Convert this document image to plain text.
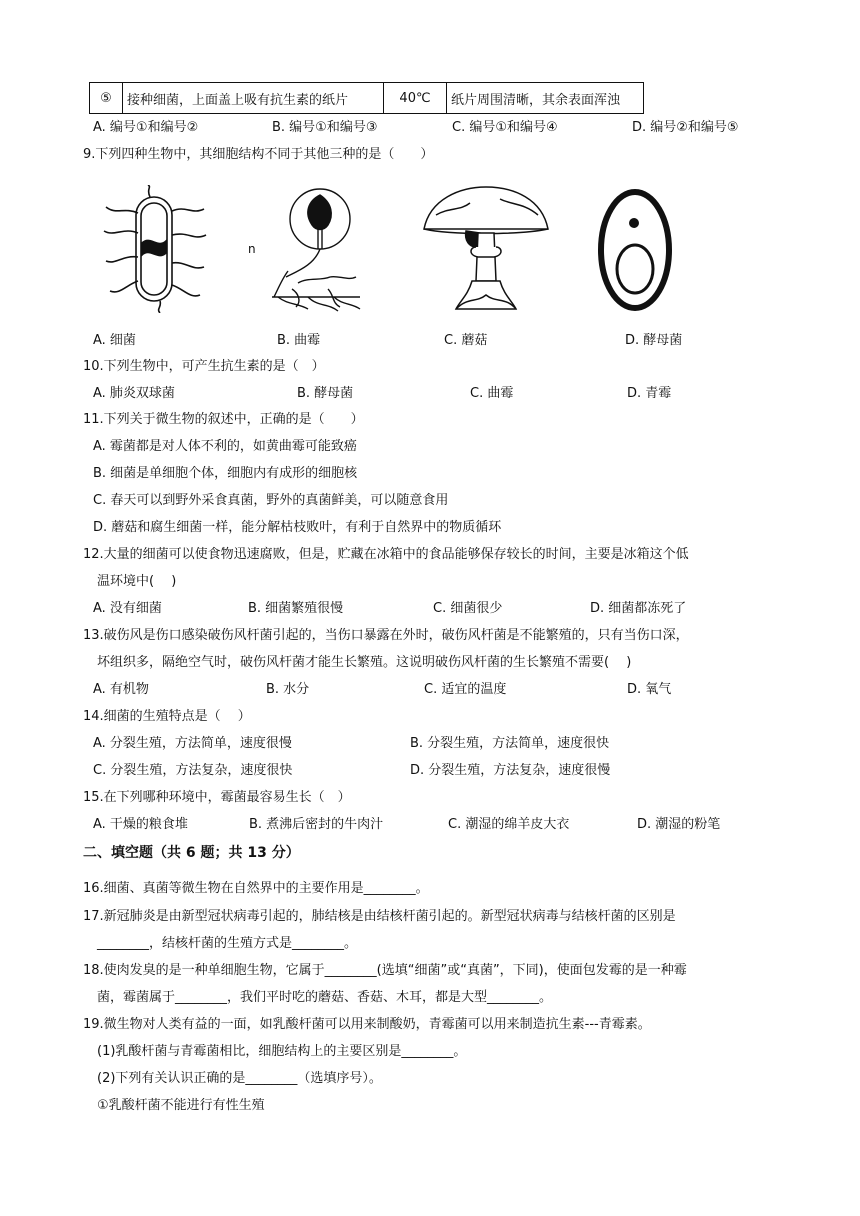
⑤	接种细菌，上面盖上吸有抗生素的纸片	40℃	纸片周围清晰，其余表面浑浊
A. 编号①和编号②	B. 编号①和编号③	C. 编号①和编号④	D. 编号②和编号⑤
9.下列四种生物中，其细胞结构不同于其他三种的是（　　）
n
A. 细菌	B. 曲霉	C. 蘑菇	D. 酵母菌
10.下列生物中，可产生抗生素的是（　）
A. 肺炎双球菌	B. 酵母菌	C. 曲霉	D. 青霉
11.下列关于微生物的叙述中，正确的是（　　）
A. 霉菌都是对人体不利的，如黄曲霉可能致癌
B. 细菌是单细胞个体，细胞内有成形的细胞核
C. 春天可以到野外采食真菌，野外的真菌鲜美，可以随意食用
D. 蘑菇和腐生细菌一样，能分解枯枝败叶，有利于自然界中的物质循环
12.大量的细菌可以使食物迅速腐败，但是，贮藏在冰箱中的食品能够保存较长的时间，主要是冰箱这个低
温环境中(　 )
A. 没有细菌	B. 细菌繁殖很慢	C. 细菌很少	D. 细菌都冻死了
13.破伤风是伤口感染破伤风杆菌引起的，当伤口暴露在外时，破伤风杆菌是不能繁殖的，只有当伤口深，
坏组织多，隔绝空气时，破伤风杆菌才能生长繁殖。这说明破伤风杆菌的生长繁殖不需要(　 )
A. 有机物	B. 水分	C. 适宜的温度	D. 氧气
14.细菌的生殖特点是（　 ）
A. 分裂生殖，方法简单，速度很慢	B. 分裂生殖，方法简单，速度很快
C. 分裂生殖，方法复杂，速度很快	D. 分裂生殖，方法复杂，速度很慢
15.在下列哪种环境中，霉菌最容易生长（　）
A. 干燥的粮食堆	B. 煮沸后密封的牛肉汁	C. 潮湿的绵羊皮大衣	D. 潮湿的粉笔
二、填空题（共 6 题；共 13 分）
16.细菌、真菌等微生物在自然界中的主要作用是________。
17.新冠肺炎是由新型冠状病毒引起的，肺结核是由结核杆菌引起的。新型冠状病毒与结核杆菌的区别是
________，结核杆菌的生殖方式是________。
18.使肉发臭的是一种单细胞生物，它属于________(选填“细菌”或“真菌”，下同)，使面包发霉的是一种霉
菌，霉菌属于________，我们平时吃的蘑菇、香菇、木耳，都是大型________。
19.微生物对人类有益的一面，如乳酸杆菌可以用来制酸奶，青霉菌可以用来制造抗生素---青霉素。
(1)乳酸杆菌与青霉菌相比，细胞结构上的主要区别是________。
(2)下列有关认识正确的是________（选填序号）。
①乳酸杆菌不能进行有性生殖
